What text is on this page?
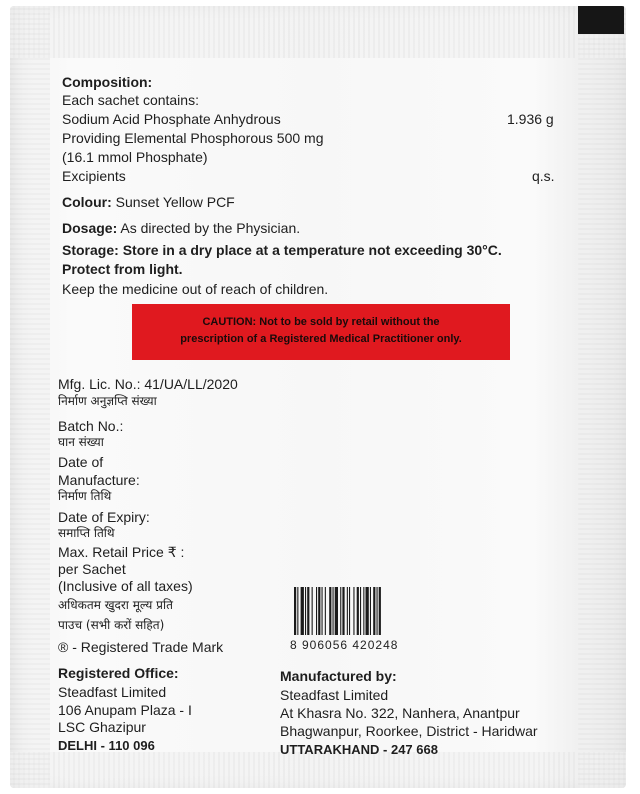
Composition:
Each sachet contains:
Sodium Acid Phosphate Anhydrous	1.936 g
Providing Elemental Phosphorous 500 mg
(16.1 mmol Phosphate)
Excipients	q.s.
Colour: Sunset Yellow PCF
Dosage: As directed by the Physician.
Storage: Store in a dry place at a temperature not exceeding 30°C.
Protect from light.
Keep the medicine out of reach of children.
CAUTION: Not to be sold by retail without the
prescription of a Registered Medical Practitioner only.
Mfg. Lic. No.: 41/UA/LL/2020
निर्माण अनुज्ञप्ति संख्या
Batch No.:
घान संख्या
Date of
Manufacture:
निर्माण तिथि
Date of Expiry:
समाप्ति तिथि
Max. Retail Price ₹ :
per Sachet
(Inclusive of all taxes)
अधिकतम खुदरा मूल्य प्रति
पाउच (सभी करों सहित)
® - Registered Trade Mark
Registered Office:
Steadfast Limited
106 Anupam Plaza - I
LSC Ghazipur
DELHI - 110 096
8 906056 420248
Manufactured by:
Steadfast Limited
At Khasra No. 322, Nanhera, Anantpur
Bhagwanpur, Roorkee, District - Haridwar
UTTARAKHAND - 247 668
